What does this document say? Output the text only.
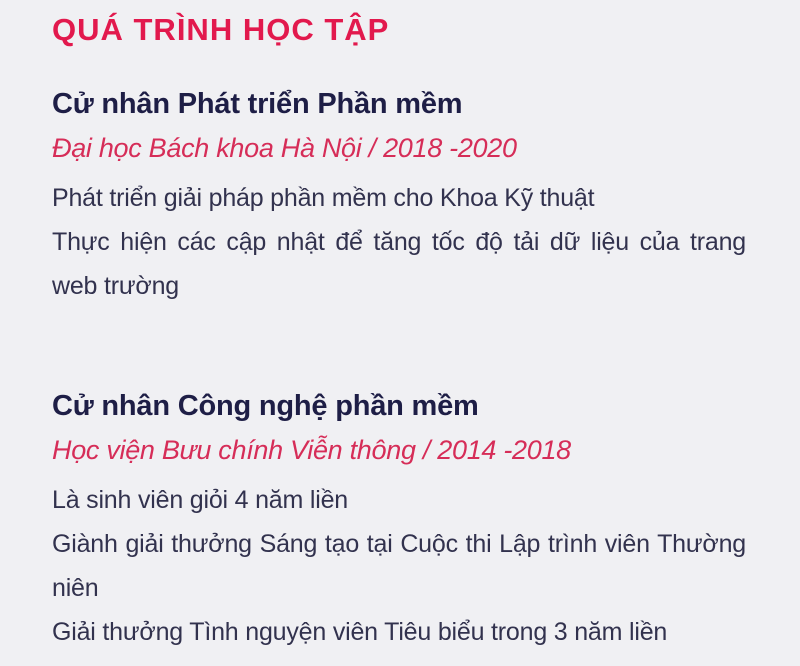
QUÁ TRÌNH HỌC TẬP
Cử nhân Phát triển Phần mềm

Đại học Bách khoa Hà Nội / 2018 -2020

Phát triển giải pháp phần mềm cho Khoa Kỹ thuật

Thực hiện các cập nhật để tăng tốc độ tải dữ liệu của trang web trường

Cử nhân Công nghệ phần mềm

Học viện Bưu chính Viễn thông / 2014 -2018

Là sinh viên giỏi 4 năm liền

Giành giải thưởng Sáng tạo tại Cuộc thi Lập trình viên Thường niên

Giải thưởng Tình nguyện viên Tiêu biểu trong 3 năm liền
